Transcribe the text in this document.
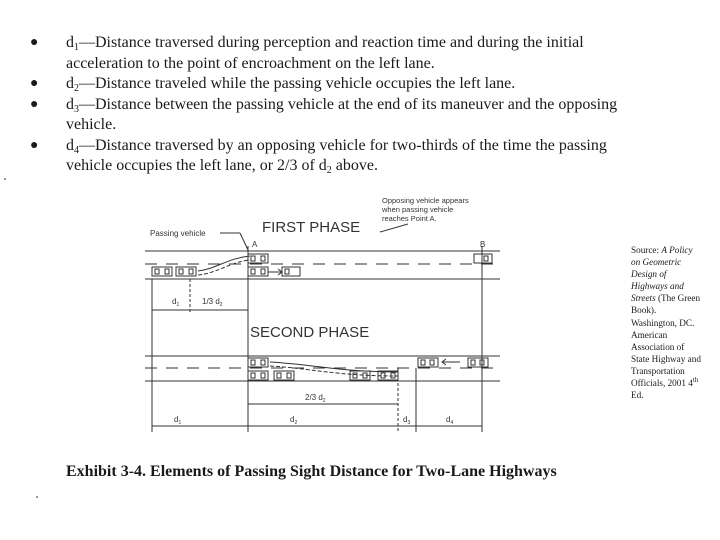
● $d_1—Distance$ traversed during perception and reaction time and during the initial acceleration to the point of encroachment on the left lane.
● $d_2—Distance$ traveled while the passing vehicle occupies the left lane.
● $d_3—Distance$ between the passing vehicle at the end of its maneuver and the opposing vehicle.
● $d_4—Distance$ traversed by an opposing vehicle for two-thirds of the time the passing vehicle occupies the left lane, or 2/3 of $d_2$ above.
FIRST PHASE
SECOND PHASE
Passing vehicle
Opposing vehicle appears
when passing vehicle
reaches Point A.
A	B
$d_1$	1/3 $d_2$
2/3 $d_2$
$d_1$	$d_2$	$d_3$	$d_4$
Source: A Policy on Geometric Design of Highways and Streets (The Green Book). Washington, DC. American Association of State Highway and Transportation Officials, 2001 4th Ed.
Exhibit 3-4. Elements of Passing Sight Distance for Two-Lane Highways
